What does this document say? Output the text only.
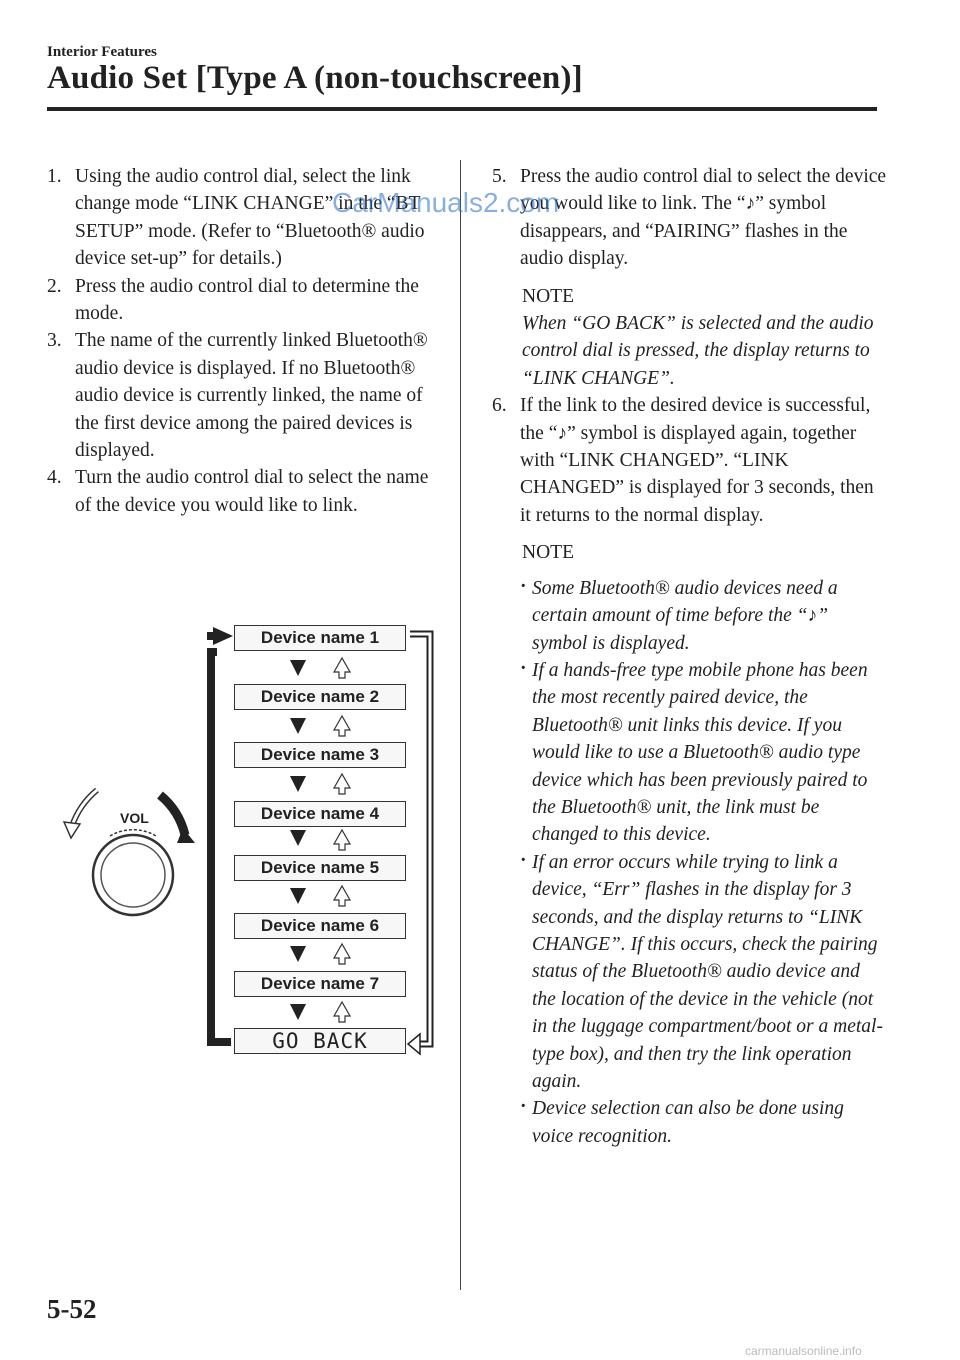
Interior Features
Audio Set [Type A (non-touchscreen)]
1. Using the audio control dial, select the link change mode “LINK CHANGE” in the “BT SETUP” mode. (Refer to “Bluetooth® audio device set-up” for details.)
2. Press the audio control dial to determine the mode.
3. The name of the currently linked Bluetooth® audio device is displayed. If no Bluetooth® audio device is currently linked, the name of the first device among the paired devices is displayed.
4. Turn the audio control dial to select the name of the device you would like to link.
VOL
Device name 1
Device name 2
Device name 3
Device name 4
Device name 5
Device name 6
Device name 7
GO BACK
5. Press the audio control dial to select the device you would like to link. The “♪” symbol disappears, and “PAIRING” flashes in the audio display.
NOTE
When “GO BACK” is selected and the audio control dial is pressed, the display returns to “LINK CHANGE”.
6. If the link to the desired device is successful, the “♪” symbol is displayed again, together with “LINK CHANGED”. “LINK CHANGED” is displayed for 3 seconds, then it returns to the normal display.
NOTE
· Some Bluetooth® audio devices need a certain amount of time before the “♪” symbol is displayed.
· If a hands-free type mobile phone has been the most recently paired device, the Bluetooth® unit links this device. If you would like to use a Bluetooth® audio type device which has been previously paired to the Bluetooth® unit, the link must be changed to this device.
· If an error occurs while trying to link a device, “Err” flashes in the display for 3 seconds, and the display returns to “LINK CHANGE”. If this occurs, check the pairing status of the Bluetooth® audio device and the location of the device in the vehicle (not in the luggage compartment/boot or a metal-type box), and then try the link operation again.
· Device selection can also be done using voice recognition.
CarManuals2.com
5-52
carmanualsonline.info
